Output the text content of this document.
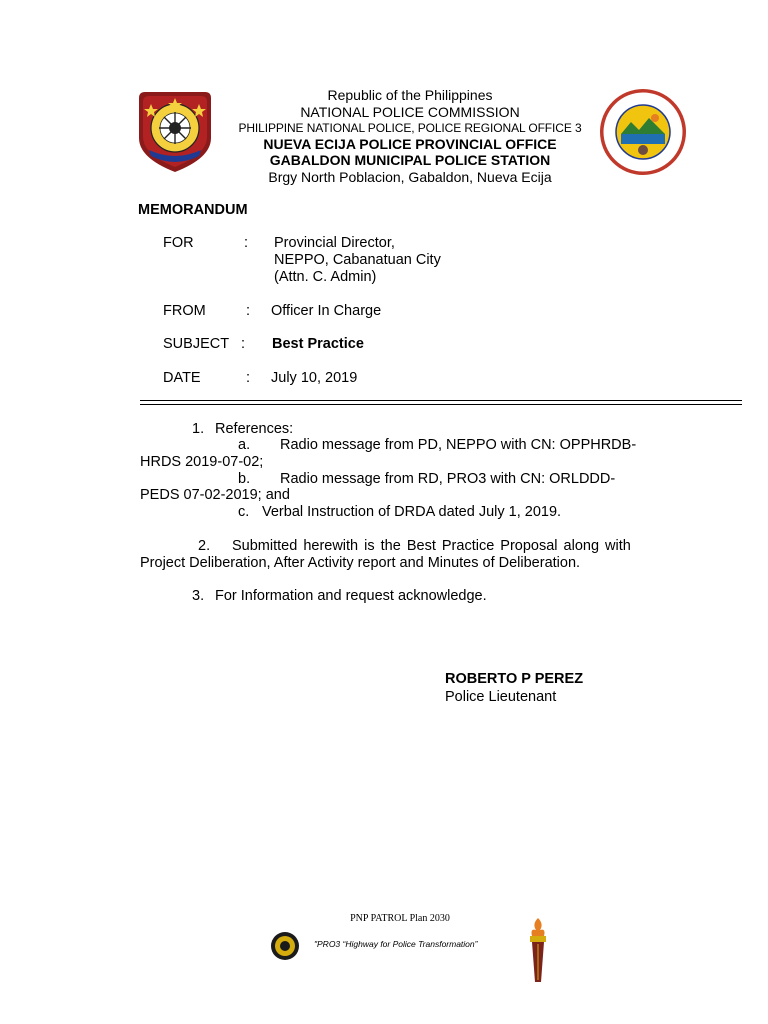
Republic of the Philippines
NATIONAL POLICE COMMISSION
PHILIPPINE NATIONAL POLICE, POLICE REGIONAL OFFICE 3
NUEVA ECIJA POLICE PROVINCIAL OFFICE
GABALDON MUNICIPAL POLICE STATION
Brgy North Poblacion, Gabaldon, Nueva Ecija
MEMORANDUM
FOR	: Provincial Director,
NEPPO, Cabanatuan City
(Attn. C. Admin)
FROM	: Officer In Charge
SUBJECT : Best Practice
DATE	: July 10, 2019
1. References:
a. Radio message from PD, NEPPO with CN: OPPHRDB-
HRDS 2019-07-02;
b. Radio message from RD, PRO3 with CN: ORLDDD-
PEDS 07-02-2019; and
c. Verbal Instruction of DRDA dated July 1, 2019.
2. Submitted herewith is the Best Practice Proposal along with
Project Deliberation, After Activity report and Minutes of Deliberation.
3. For Information and request acknowledge.
ROBERTO P PEREZ
Police Lieutenant
PNP PATROL Plan 2030
"PRO3 “Highway for Police Transformation”
